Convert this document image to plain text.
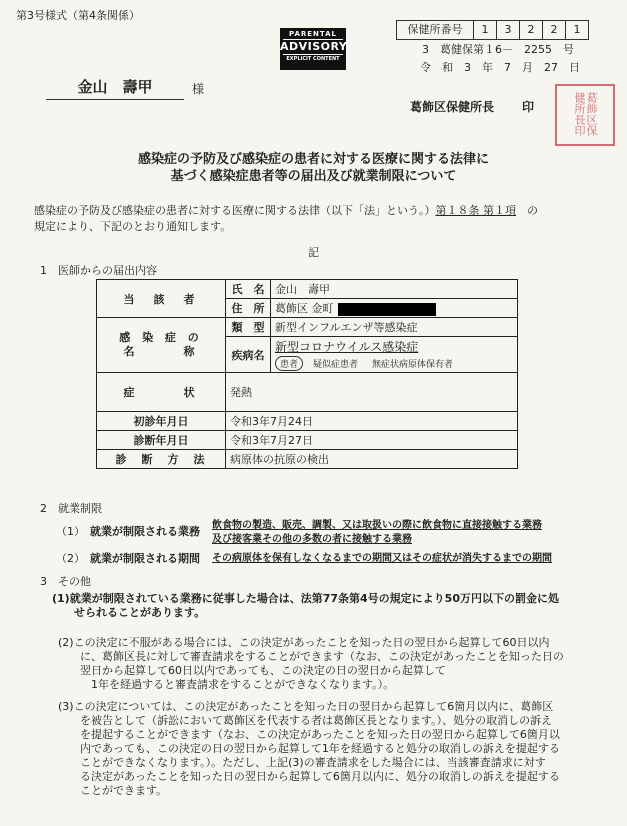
第3号様式（第4条関係）
PARENTAL
ADVISORY
EXPLICIT CONTENT
保健所番号	1	3	2	2	1
3　葛健保第１6－　2255　号
令　和　3　年　7　月　27　日
金山　壽甲	様
葛飾区保健所長 印	葛飾区保健所長印
感染症の予防及び感染症の患者に対する医療に関する法律に
基づく感染症患者等の届出及び就業制限について
感染症の予防及び感染症の患者に対する医療に関する法律（以下「法」という。）第１８条 第１項　 の
規定により、下記のとおり通知します。
記
1　医師からの届出内容
当　該　者	氏　名	金山　壽甲
	住　所	葛飾区 金町
感 染 症 の
名　　　称	類　型	新型インフルエンザ等感染症
	疾病名	新型コロナウイルス感染症
患者 疑似症患者 無症状病原体保有者

症　　　状	発熱	
初診年月日	令和3年7月24日	
診断年月日	令和3年7月27日	
診　断　方　法	病原体の抗原の検出	
2　就業制限
（1） 就業が制限される業務 飲食物の製造、販売、調製、又は取扱いの際に飲食物に直接接触する業務
及び接客業その他の多数の者に接触する業務
（2） 就業が制限される期間 その病原体を保有しなくなるまでの期間又はその症状が消失するまでの期間
3　その他
(1)就業が制限されている業務に従事した場合は、法第77条第4号の規定により50万円以下の罰金に処
　　せられることがあります。
(2)この決定に不服がある場合には、この決定があったことを知った日の翌日から起算して60日以内
　　に、葛飾区長に対して審査請求をすることができます（なお、この決定があったことを知った日の
　　翌日から起算して60日以内であっても、この決定の日の翌日から起算して
　　　1年を経過すると審査請求をすることができなくなります。）。
(3)この決定については、この決定があったことを知った日の翌日から起算して6箇月以内に、葛飾区
　　を被告として（訴訟において葛飾区を代表する者は葛飾区長となります。）、処分の取消しの訴え
　　を提起することができます（なお、この決定があったことを知った日の翌日から起算して6箇月以
　　内であっても、この決定の日の翌日から起算して1年を経過すると処分の取消しの訴えを提起する
　　ことができなくなります。）。ただし、上記(3)の審査請求をした場合には、当該審査請求に対す
　　る決定があったことを知った日の翌日から起算して6箇月以内に、処分の取消しの訴えを提起する
　　ことができます。
